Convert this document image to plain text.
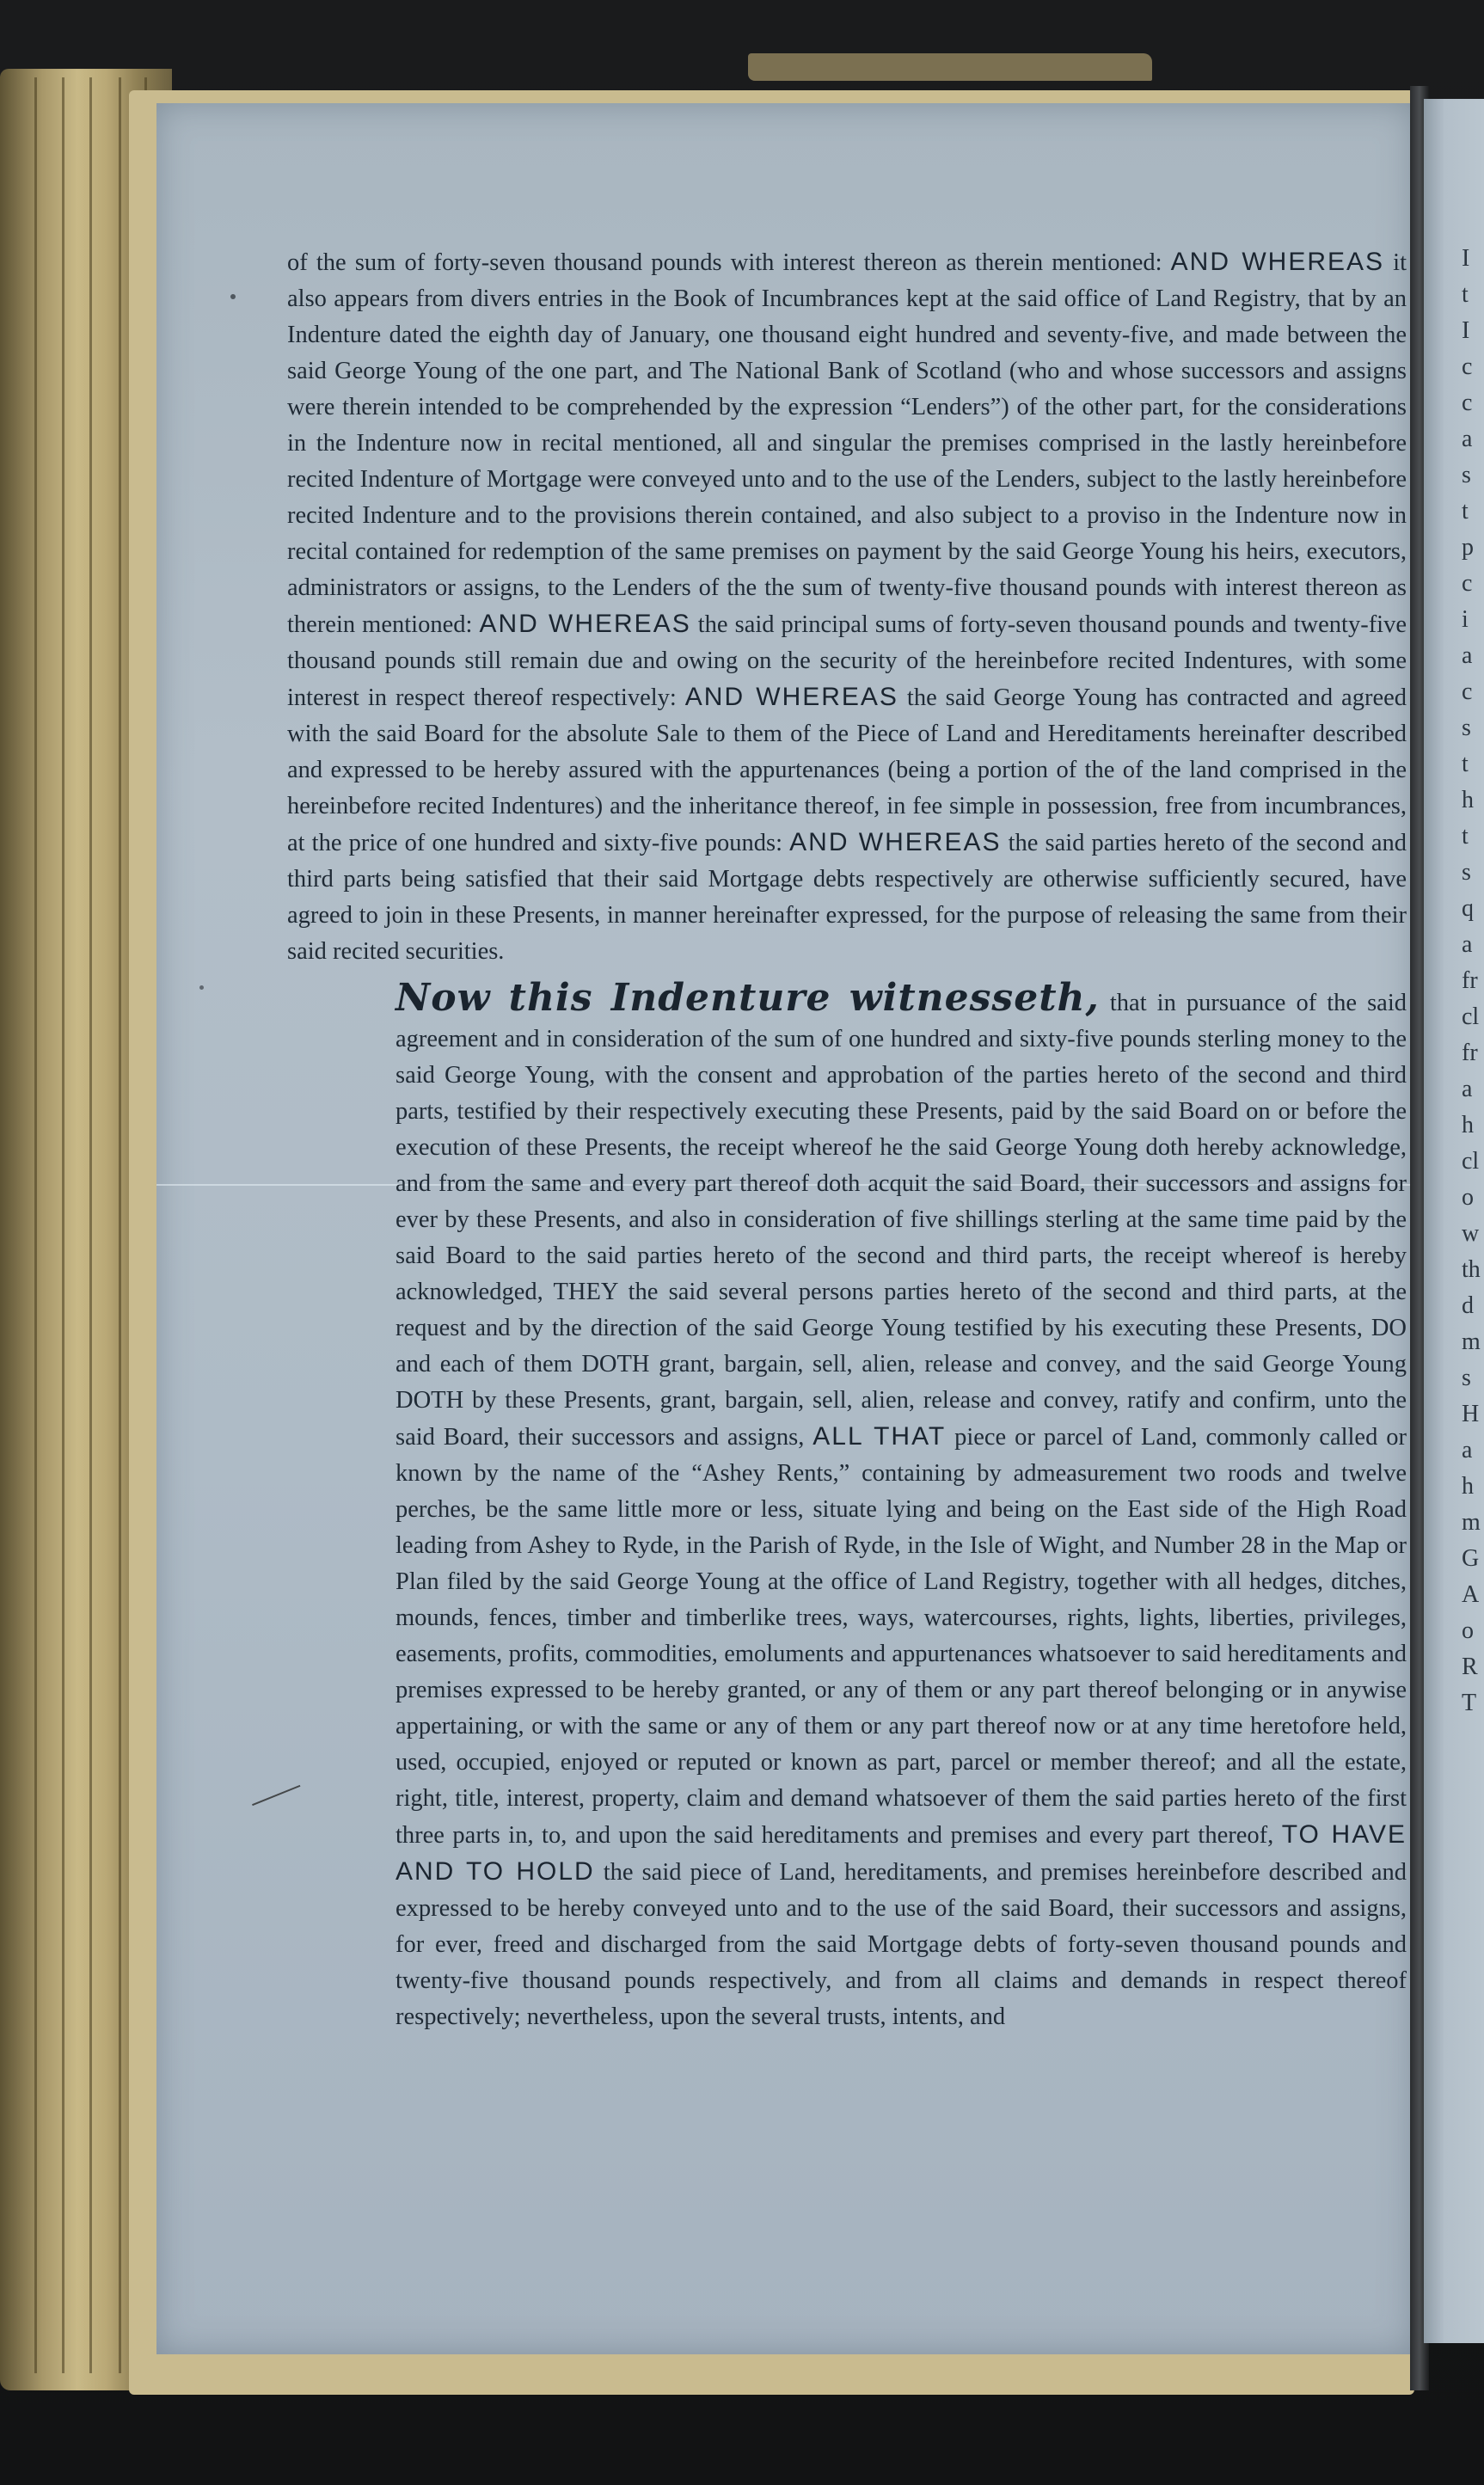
I
t
I
c
c
a
s
t
p
c
i
a
c
s
t
h
t
s
q
a
fr
cl
fr
a
h
cl
o
w
th
d
m
s
H
a
h
m
G
A
o
R
T

of the sum of forty-seven thousand pounds with interest thereon as therein mentioned: AND WHEREAS it also appears from divers entries in the Book of Incumbrances kept at the said office of Land Registry, that by an Indenture dated the eighth day of January, one thousand eight hundred and seventy-five, and made between the said George Young of the one part, and The National Bank of Scotland (who and whose successors and assigns were therein intended to be comprehended by the expression “Lenders”) of the other part, for the considerations in the Indenture now in recital mentioned, all and singular the premises comprised in the lastly hereinbefore recited Indenture of Mortgage were conveyed unto and to the use of the Lenders, subject to the lastly hereinbefore recited Indenture and to the provisions therein contained, and also subject to a proviso in the Indenture now in recital contained for redemption of the same premises on payment by the said George Young his heirs, executors, administrators or assigns, to the Lenders of the the sum of twenty-five thousand pounds with interest thereon as therein mentioned: AND WHEREAS the said principal sums of forty-seven thousand pounds and twenty-five thousand pounds still remain due and owing on the security of the hereinbefore recited Indentures, with some interest in respect thereof respectively: AND WHEREAS the said George Young has contracted and agreed with the said Board for the absolute Sale to them of the Piece of Land and Hereditaments hereinafter described and expressed to be hereby assured with the appurtenances (being a portion of the of the land comprised in the hereinbefore recited Indentures) and the inheritance thereof, in fee simple in possession, free from incumbrances, at the price of one hundred and sixty-five pounds: AND WHEREAS the said parties hereto of the second and third parts being satisfied that their said Mortgage debts respectively are otherwise sufficiently secured, have agreed to join in these Presents, in manner hereinafter expressed, for the purpose of releasing the same from their said recited securities.

Now this Indenture witnesseth, that in pursuance of the said agreement and in consideration of the sum of one hundred and sixty-five pounds sterling money to the said George Young, with the consent and approbation of the parties hereto of the second and third parts, testified by their respectively executing these Presents, paid by the said Board on or before the execution of these Presents, the receipt whereof he the said George Young doth hereby acknowledge, and from the same and every part thereof doth acquit the said Board, their successors and assigns for ever by these Presents, and also in consideration of five shillings sterling at the same time paid by the said Board to the said parties hereto of the second and third parts, the receipt whereof is hereby acknowledged, THEY the said several persons parties hereto of the second and third parts, at the request and by the direction of the said George Young testified by his executing these Presents, DO and each of them DOTH grant, bargain, sell, alien, release and convey, and the said George Young DOTH by these Presents, grant, bargain, sell, alien, release and convey, ratify and confirm, unto the said Board, their successors and assigns, ALL THAT piece or parcel of Land, commonly called or known by the name of the “Ashey Rents,” containing by admeasurement two roods and twelve perches, be the same little more or less, situate lying and being on the East side of the High Road leading from Ashey to Ryde, in the Parish of Ryde, in the Isle of Wight, and Number 28 in the Map or Plan filed by the said George Young at the office of Land Registry, together with all hedges, ditches, mounds, fences, timber and timberlike trees, ways, watercourses, rights, lights, liberties, privileges, easements, profits, commodities, emoluments and appurtenances whatsoever to said hereditaments and premises expressed to be hereby granted, or any of them or any part thereof belonging or in anywise appertaining, or with the same or any of them or any part thereof now or at any time heretofore held, used, occupied, enjoyed or reputed or known as part, parcel or member thereof; and all the estate, right, title, interest, property, claim and demand whatsoever of them the said parties hereto of the first three parts in, to, and upon the said hereditaments and premises and every part thereof, TO HAVE AND TO HOLD the said piece of Land, hereditaments, and premises hereinbefore described and expressed to be hereby conveyed unto and to the use of the said Board, their successors and assigns, for ever, freed and discharged from the said Mortgage debts of forty-seven thousand pounds and twenty-five thousand pounds respectively, and from all claims and demands in respect thereof respectively; nevertheless, upon the several trusts, intents, and
